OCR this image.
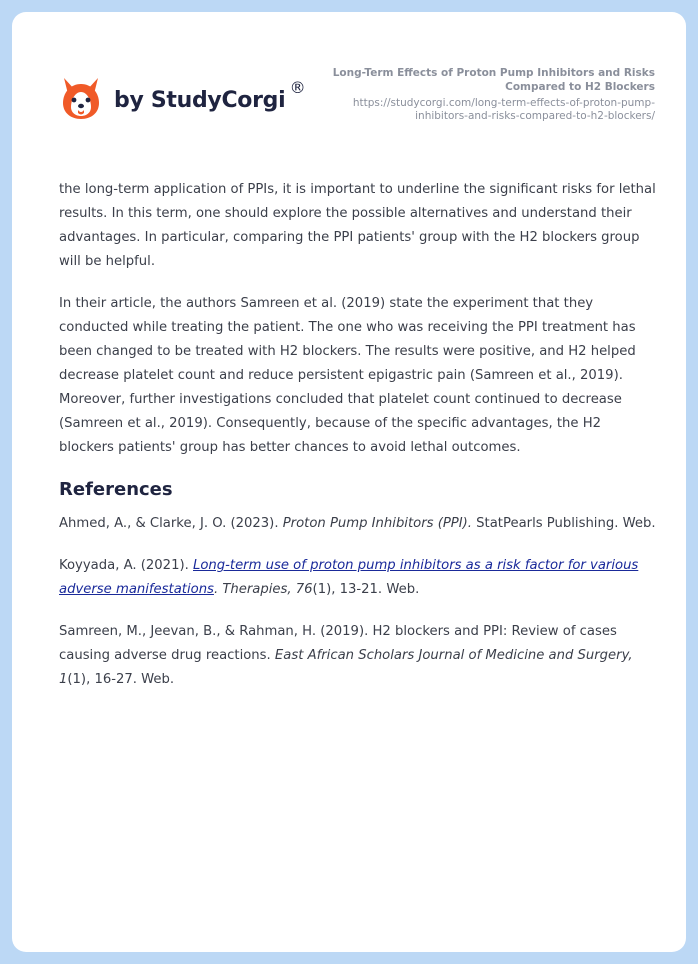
by StudyCorgi
®
Long-Term Effects of Proton Pump Inhibitors and Risks Compared to H2 Blockers
https://studycorgi.com/long-term-effects-of-proton-pump-inhibitors-and-risks-compared-to-h2-blockers/

the long-term application of PPIs, it is important to underline the significant risks for lethal results. In this term, one should explore the possible alternatives and understand their advantages. In particular, comparing the PPI patients' group with the H2 blockers group will be helpful.

In their article, the authors Samreen et al. (2019) state the experiment that they conducted while treating the patient. The one who was receiving the PPI treatment has been changed to be treated with H2 blockers. The results were positive, and H2 helped decrease platelet count and reduce persistent epigastric pain (Samreen et al., 2019). Moreover, further investigations concluded that platelet count continued to decrease (Samreen et al., 2019). Consequently, because of the specific advantages, the H2 blockers patients' group has better chances to avoid lethal outcomes.

References
Ahmed, A., & Clarke, J. O. (2023). Proton Pump Inhibitors (PPI). StatPearls Publishing. Web.
Koyyada, A. (2021). Long-term use of proton pump inhibitors as a risk factor for various adverse manifestations. Therapies, 76(1), 13-21. Web.
Samreen, M., Jeevan, B., & Rahman, H. (2019). H2 blockers and PPI: Review of cases causing adverse drug reactions. East African Scholars Journal of Medicine and Surgery, 1(1), 16-27. Web.
